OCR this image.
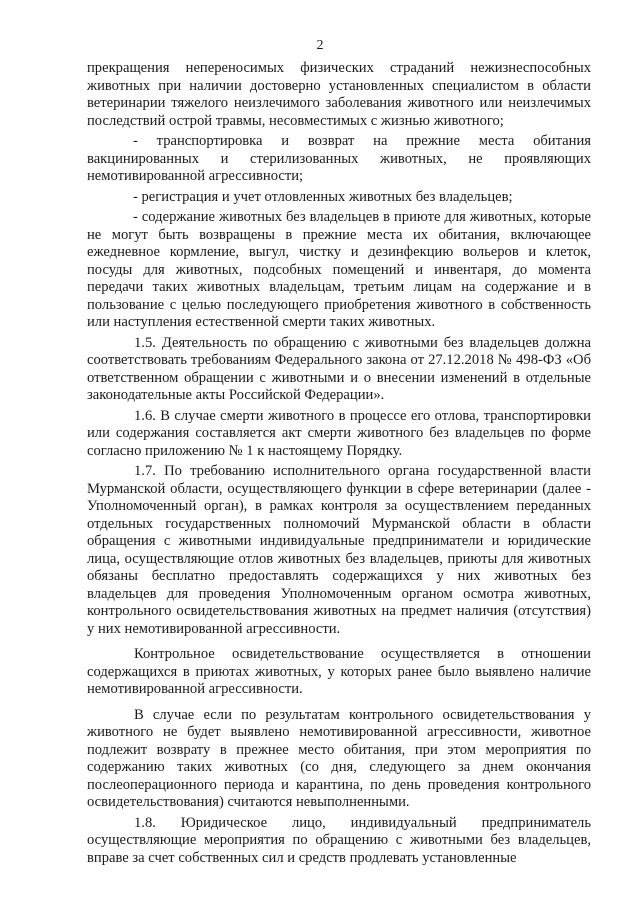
2

прекращения непереносимых физических страданий нежизнеспособных животных при наличии достоверно установленных специалистом в области ветеринарии тяжелого неизлечимого заболевания животного или неизлечимых последствий острой травмы, несовместимых с жизнью животного;

- транспортировка и возврат на прежние места обитания вакцинированных и стерилизованных животных, не проявляющих немотивированной агрессивности;

- регистрация и учет отловленных животных без владельцев;

- содержание животных без владельцев в приюте для животных, которые не могут быть возвращены в прежние места их обитания, включающее ежедневное кормление, выгул, чистку и дезинфекцию вольеров и клеток, посуды для животных, подсобных помещений и инвентаря, до момента передачи таких животных владельцам, третьим лицам на содержание и в пользование с целью последующего приобретения животного в собственность или наступления естественной смерти таких животных.

1.5. Деятельность по обращению с животными без владельцев должна соответствовать требованиям Федерального закона от 27.12.2018 № 498-ФЗ «Об ответственном обращении с животными и о внесении изменений в отдельные законодательные акты Российской Федерации».

1.6. В случае смерти животного в процессе его отлова, транспортировки или содержания составляется акт смерти животного без владельцев по форме согласно приложению № 1 к настоящему Порядку.

1.7. По требованию исполнительного органа государственной власти Мурманской области, осуществляющего функции в сфере ветеринарии (далее - Уполномоченный орган), в рамках контроля за осуществлением переданных отдельных государственных полномочий Мурманской области в области обращения с животными индивидуальные предприниматели и юридические лица, осуществляющие отлов животных без владельцев, приюты для животных обязаны бесплатно предоставлять содержащихся у них животных без владельцев для проведения Уполномоченным органом осмотра животных, контрольного освидетельствования животных на предмет наличия (отсутствия) у них немотивированной агрессивности.

Контрольное освидетельствование осуществляется в отношении содержащихся в приютах животных, у которых ранее было выявлено наличие немотивированной агрессивности.

В случае если по результатам контрольного освидетельствования у животного не будет выявлено немотивированной агрессивности, животное подлежит возврату в прежнее место обитания, при этом мероприятия по содержанию таких животных (со дня, следующего за днем окончания послеоперационного периода и карантина, по день проведения контрольного освидетельствования) считаются невыполненными.

1.8. Юридическое лицо, индивидуальный предприниматель осуществляющие мероприятия по обращению с животными без владельцев, вправе за счет собственных сил и средств продлевать установленные
